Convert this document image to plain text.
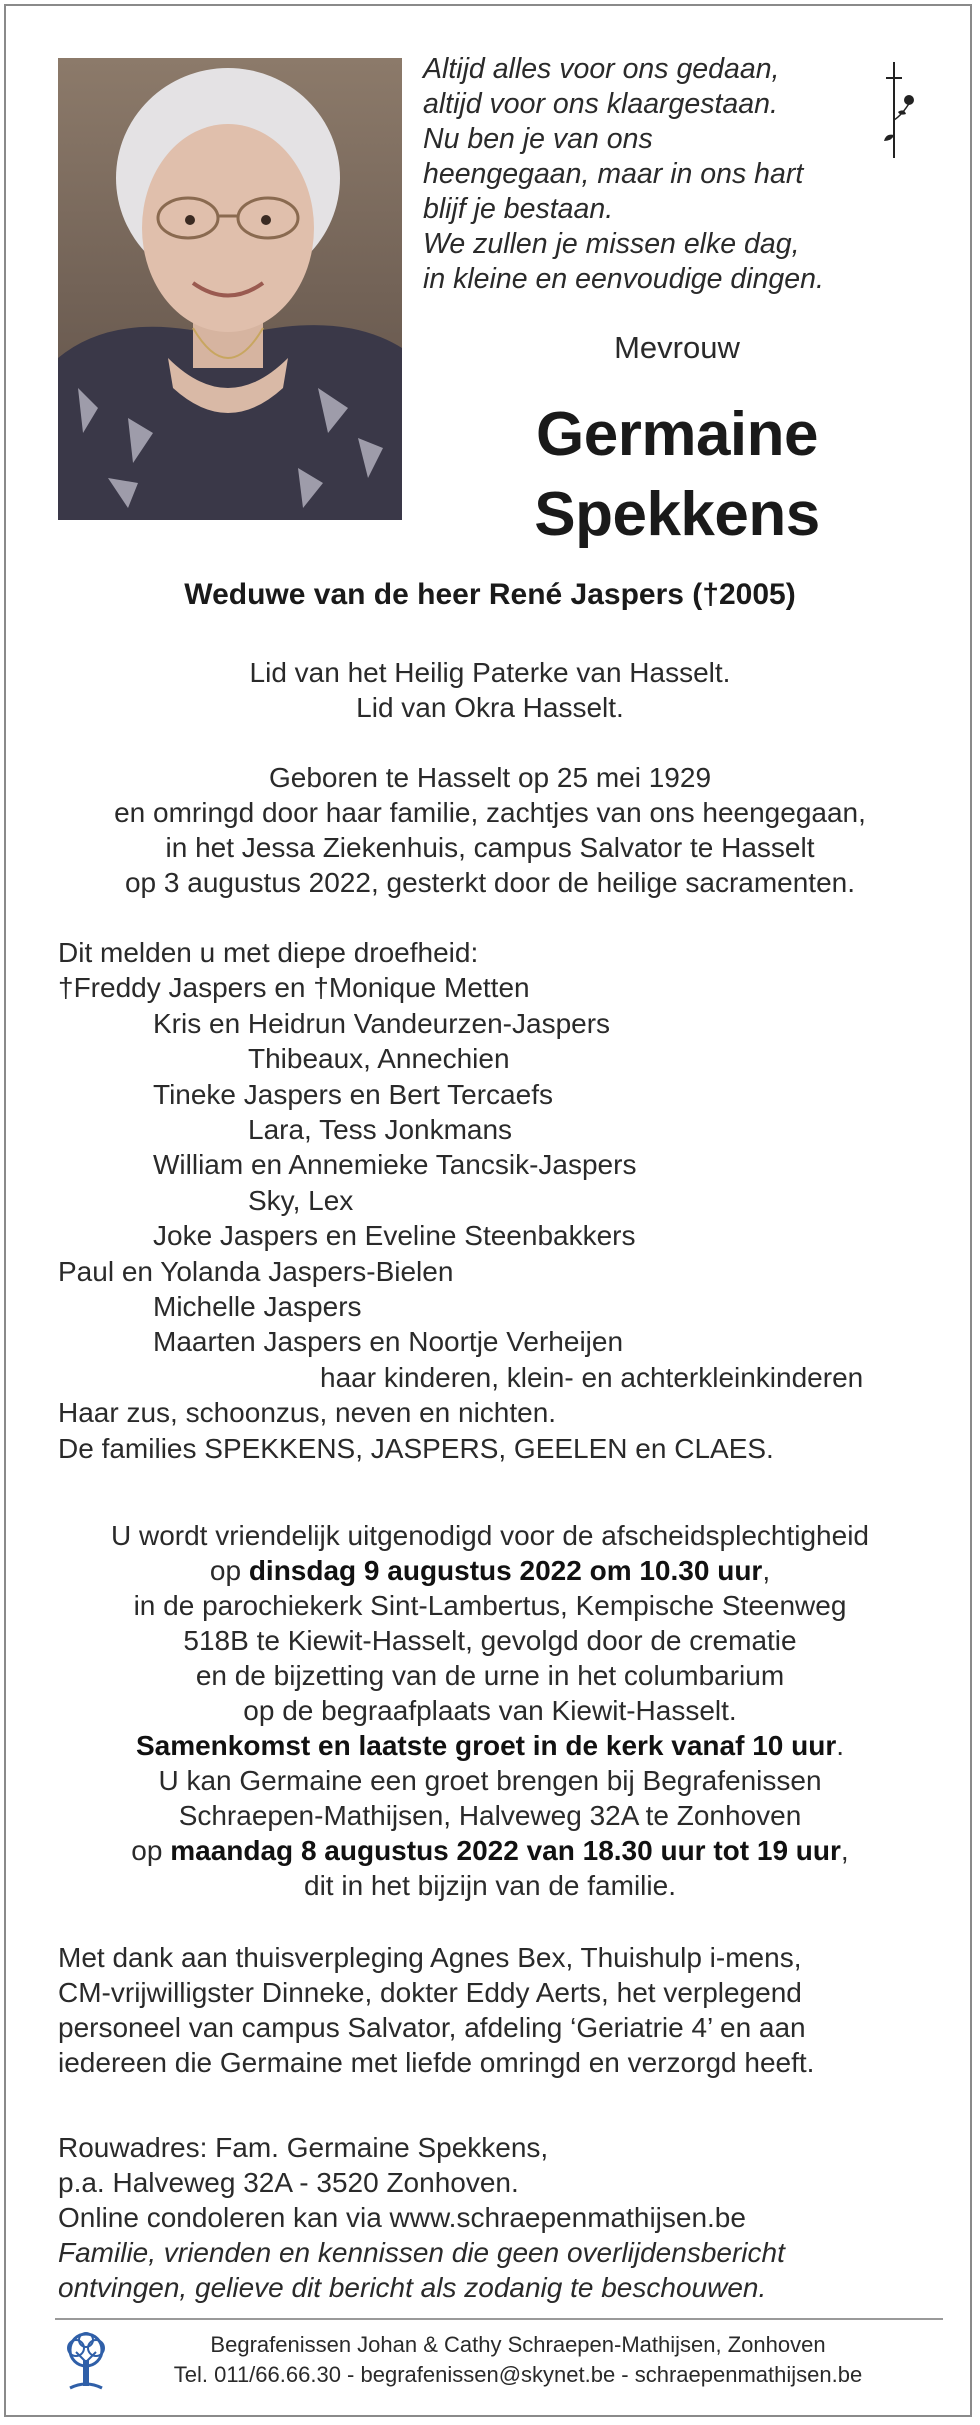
Altijd alles voor ons gedaan,
altijd voor ons klaargestaan.
Nu ben je van ons
heengegaan, maar in ons hart
blijf je bestaan.
We zullen je missen elke dag,
in kleine en eenvoudige dingen.
Mevrouw
Germaine
Spekkens
Weduwe van de heer René Jaspers (†2005)
Lid van het Heilig Paterke van Hasselt.
Lid van Okra Hasselt.
Geboren te Hasselt op 25 mei 1929
en omringd door haar familie, zachtjes van ons heengegaan,
in het Jessa Ziekenhuis, campus Salvator te Hasselt
op 3 augustus 2022, gesterkt door de heilige sacramenten.
Dit melden u met diepe droefheid:
†Freddy Jaspers en †Monique Metten
Kris en Heidrun Vandeurzen-Jaspers
Thibeaux, Annechien
Tineke Jaspers en Bert Tercaefs
Lara, Tess Jonkmans
William en Annemieke Tancsik-Jaspers
Sky, Lex
Joke Jaspers en Eveline Steenbakkers
Paul en Yolanda Jaspers-Bielen
Michelle Jaspers
Maarten Jaspers en Noortje Verheijen
haar kinderen, klein- en achterkleinkinderen
Haar zus, schoonzus, neven en nichten.
De families SPEKKENS, JASPERS, GEELEN en CLAES.
U wordt vriendelijk uitgenodigd voor de afscheidsplechtigheid
op dinsdag 9 augustus 2022 om 10.30 uur,
in de parochiekerk Sint-Lambertus, Kempische Steenweg
518B te Kiewit-Hasselt, gevolgd door de crematie
en de bijzetting van de urne in het columbarium
op de begraafplaats van Kiewit-Hasselt.
Samenkomst en laatste groet in de kerk vanaf 10 uur.
U kan Germaine een groet brengen bij Begrafenissen
Schraepen-Mathijsen, Halveweg 32A te Zonhoven
op maandag 8 augustus 2022 van 18.30 uur tot 19 uur,
dit in het bijzijn van de familie.
Met dank aan thuisverpleging Agnes Bex, Thuishulp i-mens,
CM-vrijwilligster Dinneke, dokter Eddy Aerts, het verplegend
personeel van campus Salvator, afdeling ‘Geriatrie 4’ en aan
iedereen die Germaine met liefde omringd en verzorgd heeft.
Rouwadres: Fam. Germaine Spekkens,
p.a. Halveweg 32A - 3520 Zonhoven.
Online condoleren kan via www.schraepenmathijsen.be
Familie, vrienden en kennissen die geen overlijdensbericht
ontvingen, gelieve dit bericht als zodanig te beschouwen.
Begrafenissen Johan & Cathy Schraepen-Mathijsen, Zonhoven
Tel. 011/66.66.30 - begrafenissen@skynet.be - schraepenmathijsen.be
